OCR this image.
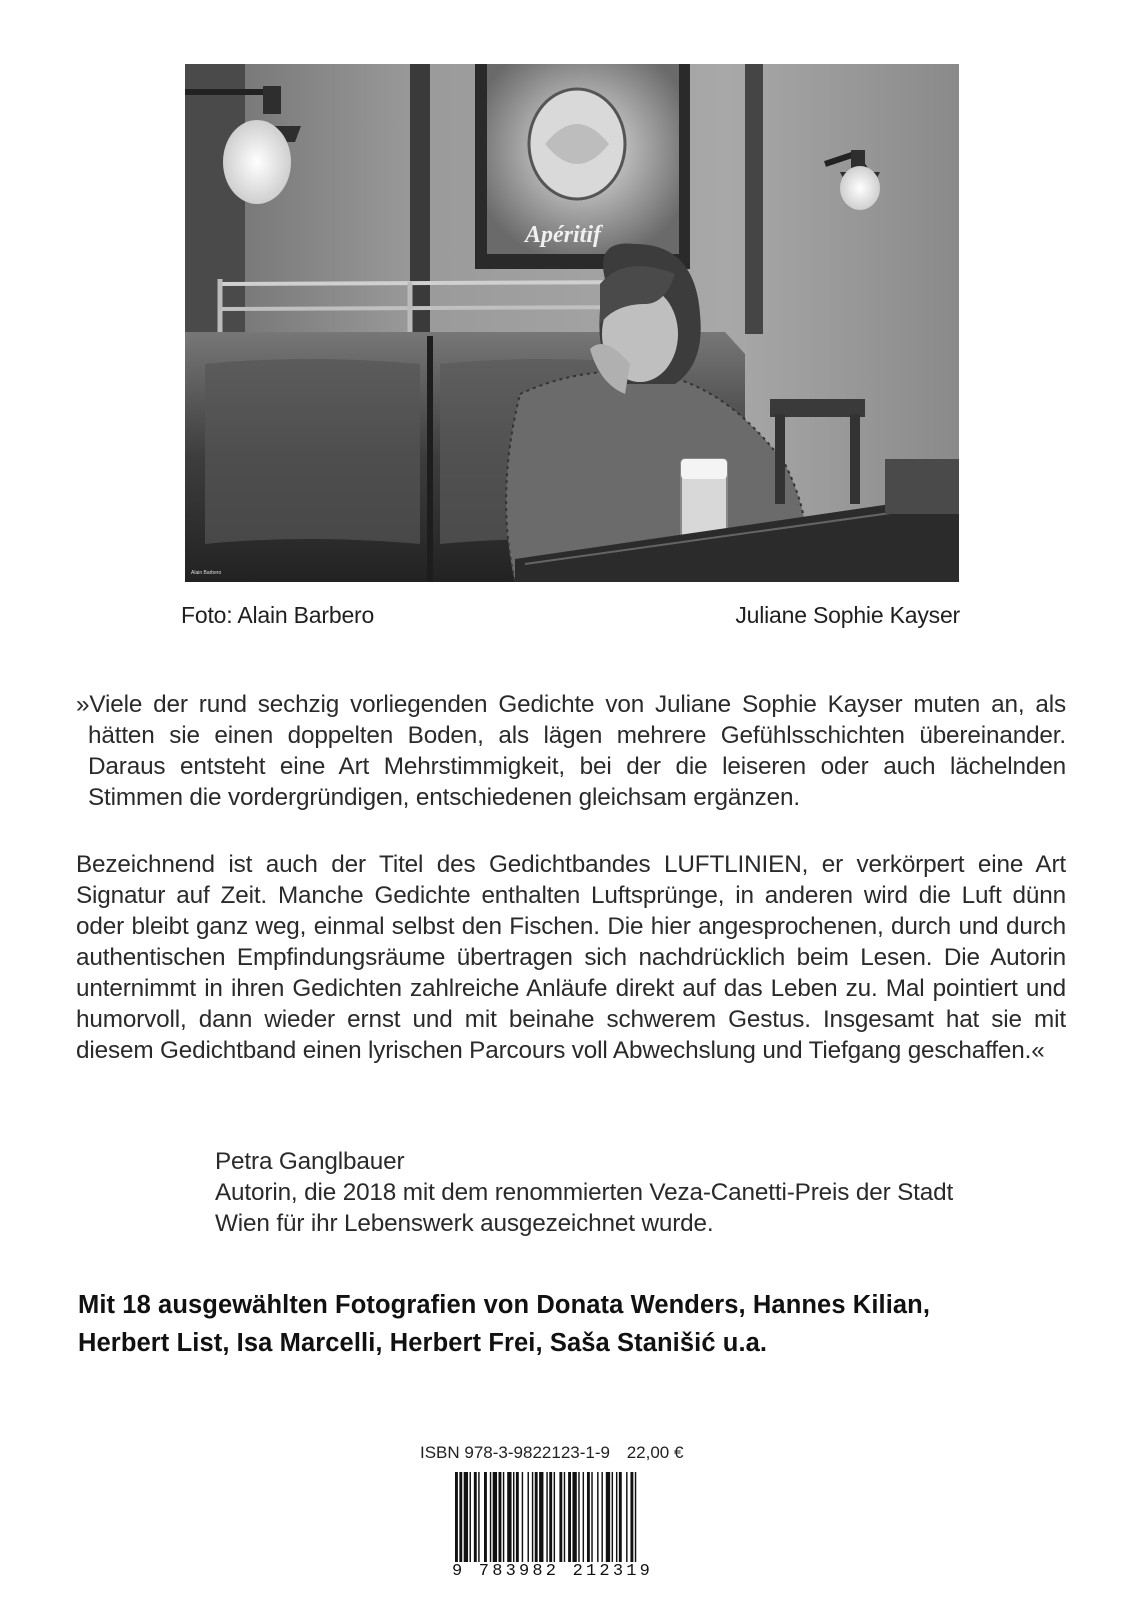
Apéritif
Alain Barbero
Foto: Alain Barbero	Juliane Sophie Kayser

»Viele der rund sechzig vorliegenden Gedichte von Juliane Sophie Kayser muten an, als hätten sie einen doppelten Boden, als lägen mehrere Gefühlsschichten übereinander. Daraus entsteht eine Art Mehrstimmigkeit, bei der die leiseren oder auch lächelnden Stimmen die vordergründigen, entschiedenen gleichsam ergänzen.

Bezeichnend ist auch der Titel des Gedichtbandes LUFTLINIEN, er verkörpert eine Art Signatur auf Zeit. Manche Gedichte enthalten Luftsprünge, in anderen wird die Luft dünn oder bleibt ganz weg, einmal selbst den Fischen. Die hier angesprochenen, durch und durch authentischen Empfindungsräume übertragen sich nachdrücklich beim Lesen. Die Autorin unternimmt in ihren Gedichten zahlreiche Anläufe direkt auf das Leben zu. Mal pointiert und humorvoll, dann wieder ernst und mit beinahe schwerem Gestus. Insgesamt hat sie mit diesem Gedichtband einen lyrischen Parcours voll Abwechslung und Tiefgang geschaffen.«

Petra Ganglbauer
Autorin, die 2018 mit dem renommierten Veza-Canetti-Preis der Stadt
Wien für ihr Lebenswerk ausgezeichnet wurde.
Mit 18 ausgewählten Fotografien von Donata Wenders, Hannes Kilian,
Herbert List, Isa Marcelli, Herbert Frei, Saša Stanišić u.a.
ISBN 978-3-9822123-1-9 22,00 €
9 783982 212319
